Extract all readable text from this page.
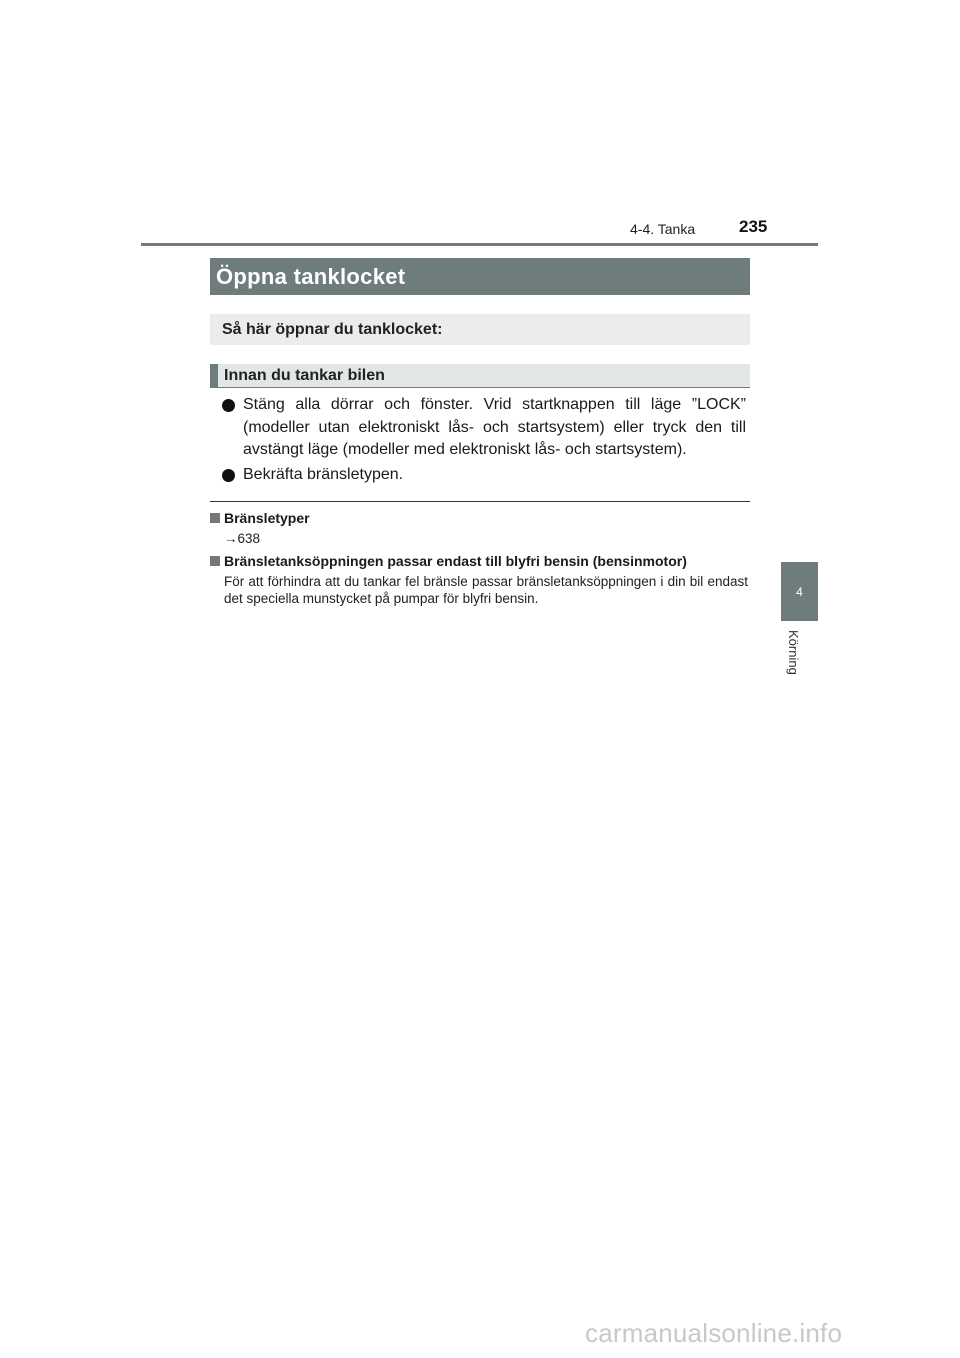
4-4. Tanka	235
Öppna tanklocket
Så här öppnar du tanklocket:
Innan du tankar bilen
Stäng alla dörrar och fönster. Vrid startknappen till läge ”LOCK” (modeller utan elektroniskt lås- och startsystem) eller tryck den till avstängt läge (modeller med elektroniskt lås- och startsystem).
Bekräfta bränsletypen.
Bränsletyper
→638
Bränsletanksöppningen passar endast till blyfri bensin (bensinmotor)
För att förhindra att du tankar fel bränsle passar bränsletanksöppningen i din bil endast det speciella munstycket på pumpar för blyfri bensin.	4
Körning
carmanualsonline.info
